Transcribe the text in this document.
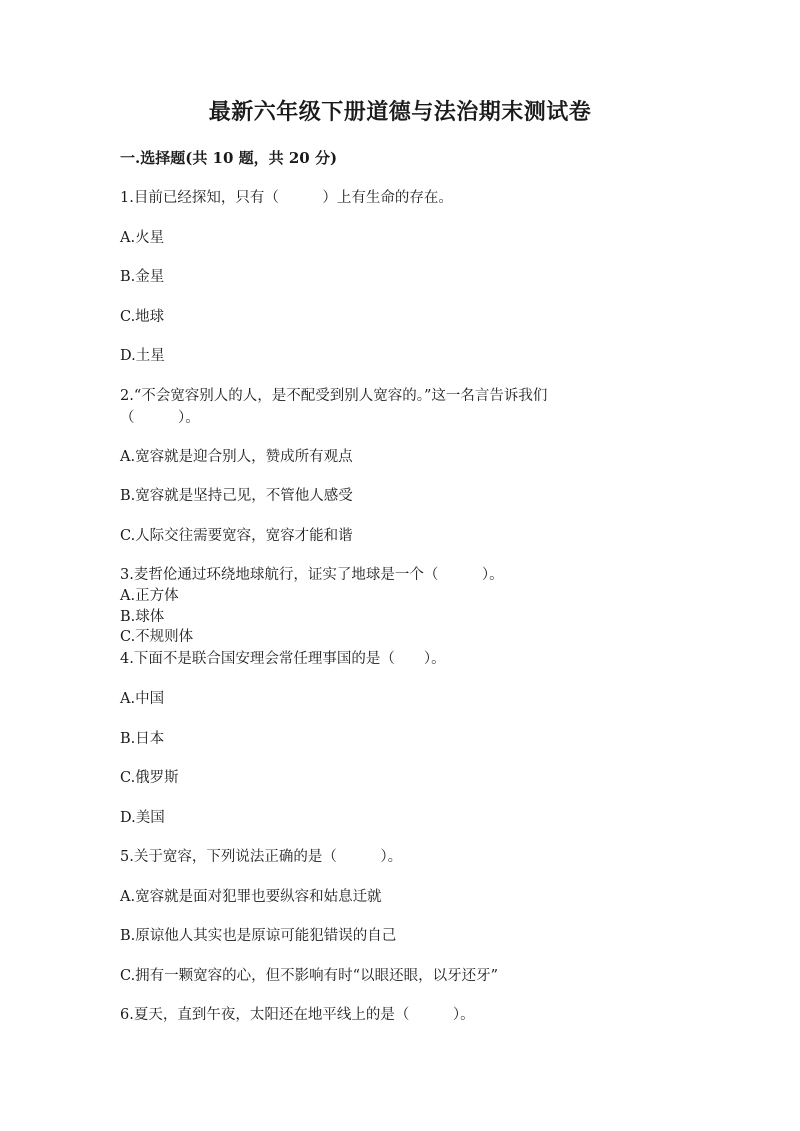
最新六年级下册道德与法治期末测试卷
一.选择题(共 10 题，共 20 分)
1.目前已经探知，只有（　　　）上有生命的存在。
A.火星
B.金星
C.地球
D.土星
2.“不会宽容别人的人，是不配受到别人宽容的。”这一名言告诉我们
（　　　）。
A.宽容就是迎合别人，赞成所有观点
B.宽容就是坚持己见，不管他人感受
C.人际交往需要宽容，宽容才能和谐
3.麦哲伦通过环绕地球航行，证实了地球是一个（　　　）。
A.正方体
B.球体
C.不规则体
4.下面不是联合国安理会常任理事国的是（　　）。
A.中国
B.日本
C.俄罗斯
D.美国
5.关于宽容，下列说法正确的是（　　　）。
A.宽容就是面对犯罪也要纵容和姑息迁就
B.原谅他人其实也是原谅可能犯错误的自己
C.拥有一颗宽容的心，但不影响有时“以眼还眼，以牙还牙”
6.夏天，直到午夜，太阳还在地平线上的是（　　　）。
